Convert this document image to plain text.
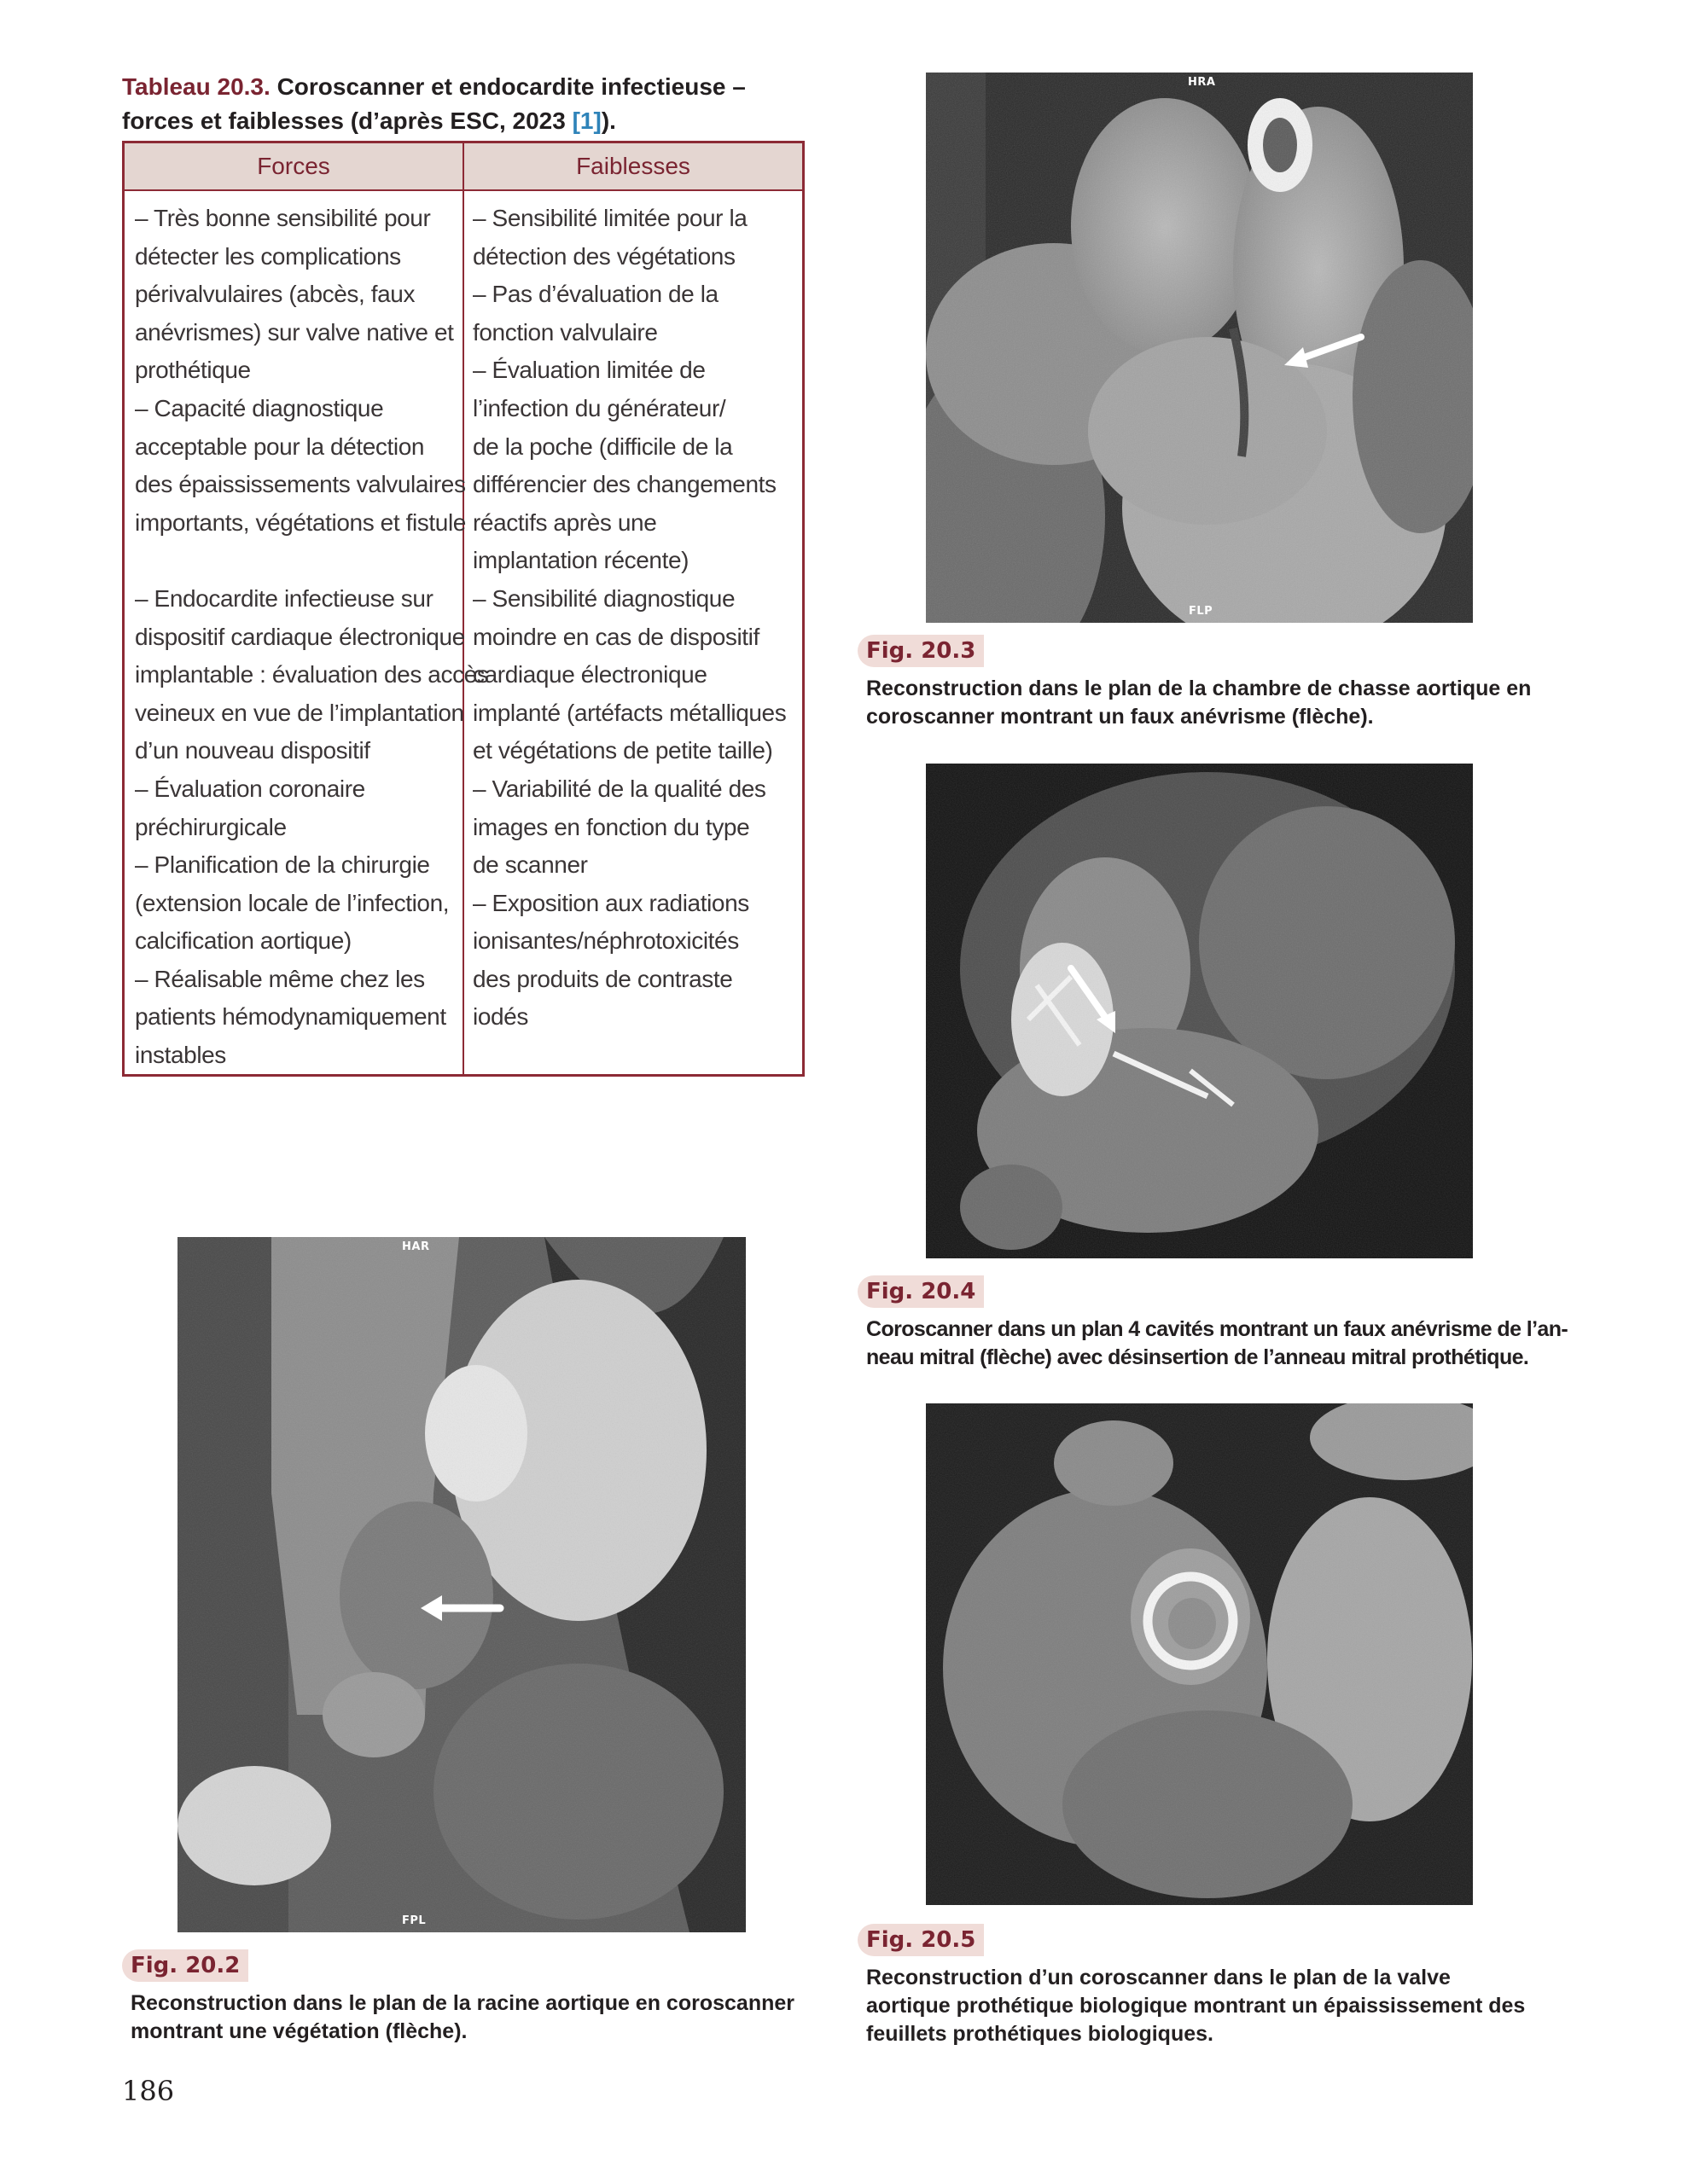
Tableau 20.3. Coroscanner et endocardite infectieuse –
forces et faiblesses (d’après ESC, 2023 [1]).
Forces	Faiblesses
– Très bonne sensibilité pour
détecter les complications
périvalvulaires (abcès, faux
anévrismes) sur valve native et
prothétique
– Capacité diagnostique
acceptable pour la détection
des épaississements valvulaires
importants, végétations et fistule
– Endocardite infectieuse sur
dispositif cardiaque électronique
implantable : évaluation des accès
veineux en vue de l’implantation
d’un nouveau dispositif
– Évaluation coronaire
préchirurgicale
– Planification de la chirurgie
(extension locale de l’infection,
calcification aortique)
– Réalisable même chez les
patients hémodynamiquement
instables
– Sensibilité limitée pour la
détection des végétations
– Pas d’évaluation de la
fonction valvulaire
– Évaluation limitée de
l’infection du générateur/
de la poche (difficile de la
différencier des changements
réactifs après une
implantation récente)
– Sensibilité diagnostique
moindre en cas de dispositif
cardiaque électronique
implanté (artéfacts métalliques
et végétations de petite taille)
– Variabilité de la qualité des
images en fonction du type
de scanner
– Exposition aux radiations
ionisantes/néphrotoxicités
des produits de contraste
iodés
HRA
FLP
Fig. 20.3
Reconstruction dans le plan de la chambre de chasse aortique en
coroscanner montrant un faux anévrisme (flèche).
Fig. 20.4
Coroscanner dans un plan 4 cavités montrant un faux anévrisme de l’an-
neau mitral (flèche) avec désinsertion de l’anneau mitral prothétique.
Fig. 20.5
Reconstruction d’un coroscanner dans le plan de la valve
aortique prothétique biologique montrant un épaississement des
feuillets prothétiques biologiques.
HAR
FPL
Fig. 20.2
Reconstruction dans le plan de la racine aortique en coroscanner
montrant une végétation (flèche).
186
